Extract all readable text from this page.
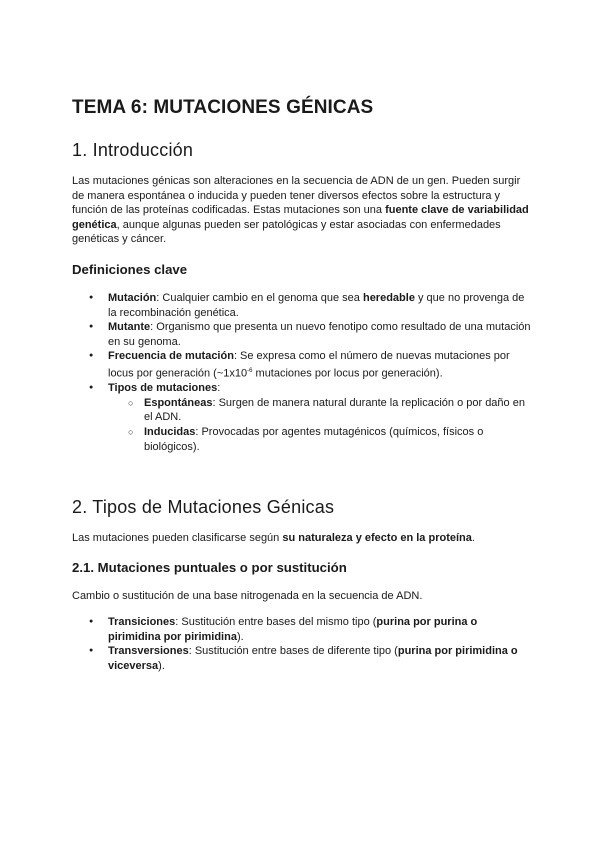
TEMA 6: MUTACIONES GÉNICAS
1. Introducción

Las mutaciones génicas son alteraciones en la secuencia de ADN de un gen. Pueden surgir de manera espontánea o inducida y pueden tener diversos efectos sobre la estructura y función de las proteínas codificadas. Estas mutaciones son una fuente clave de variabilidad genética, aunque algunas pueden ser patológicas y estar asociadas con enfermedades genéticas y cáncer.

Definiciones clave
● Mutación: Cualquier cambio en el genoma que sea heredable y que no provenga de la recombinación genética.
● Mutante: Organismo que presenta un nuevo fenotipo como resultado de una mutación en su genoma.
● Frecuencia de mutación: Se expresa como el número de nuevas mutaciones por locus por generación ($\sim 1x10^{-6}$ mutaciones por locus por generación).
● Tipos de mutaciones:
○ Espontáneas: Surgen de manera natural durante la replicación o por daño en el ADN.
○ Inducidas: Provocadas por agentes mutagénicos (químicos, físicos o biológicos).
2. Tipos de Mutaciones Génicas

Las mutaciones pueden clasificarse según su naturaleza y efecto en la proteína.

2.1. Mutaciones puntuales o por sustitución

Cambio o sustitución de una base nitrogenada en la secuencia de ADN.

● Transiciones: Sustitución entre bases del mismo tipo (purina por purina o pirimidina por pirimidina).
● Transversiones: Sustitución entre bases de diferente tipo (purina por pirimidina o viceversa).
